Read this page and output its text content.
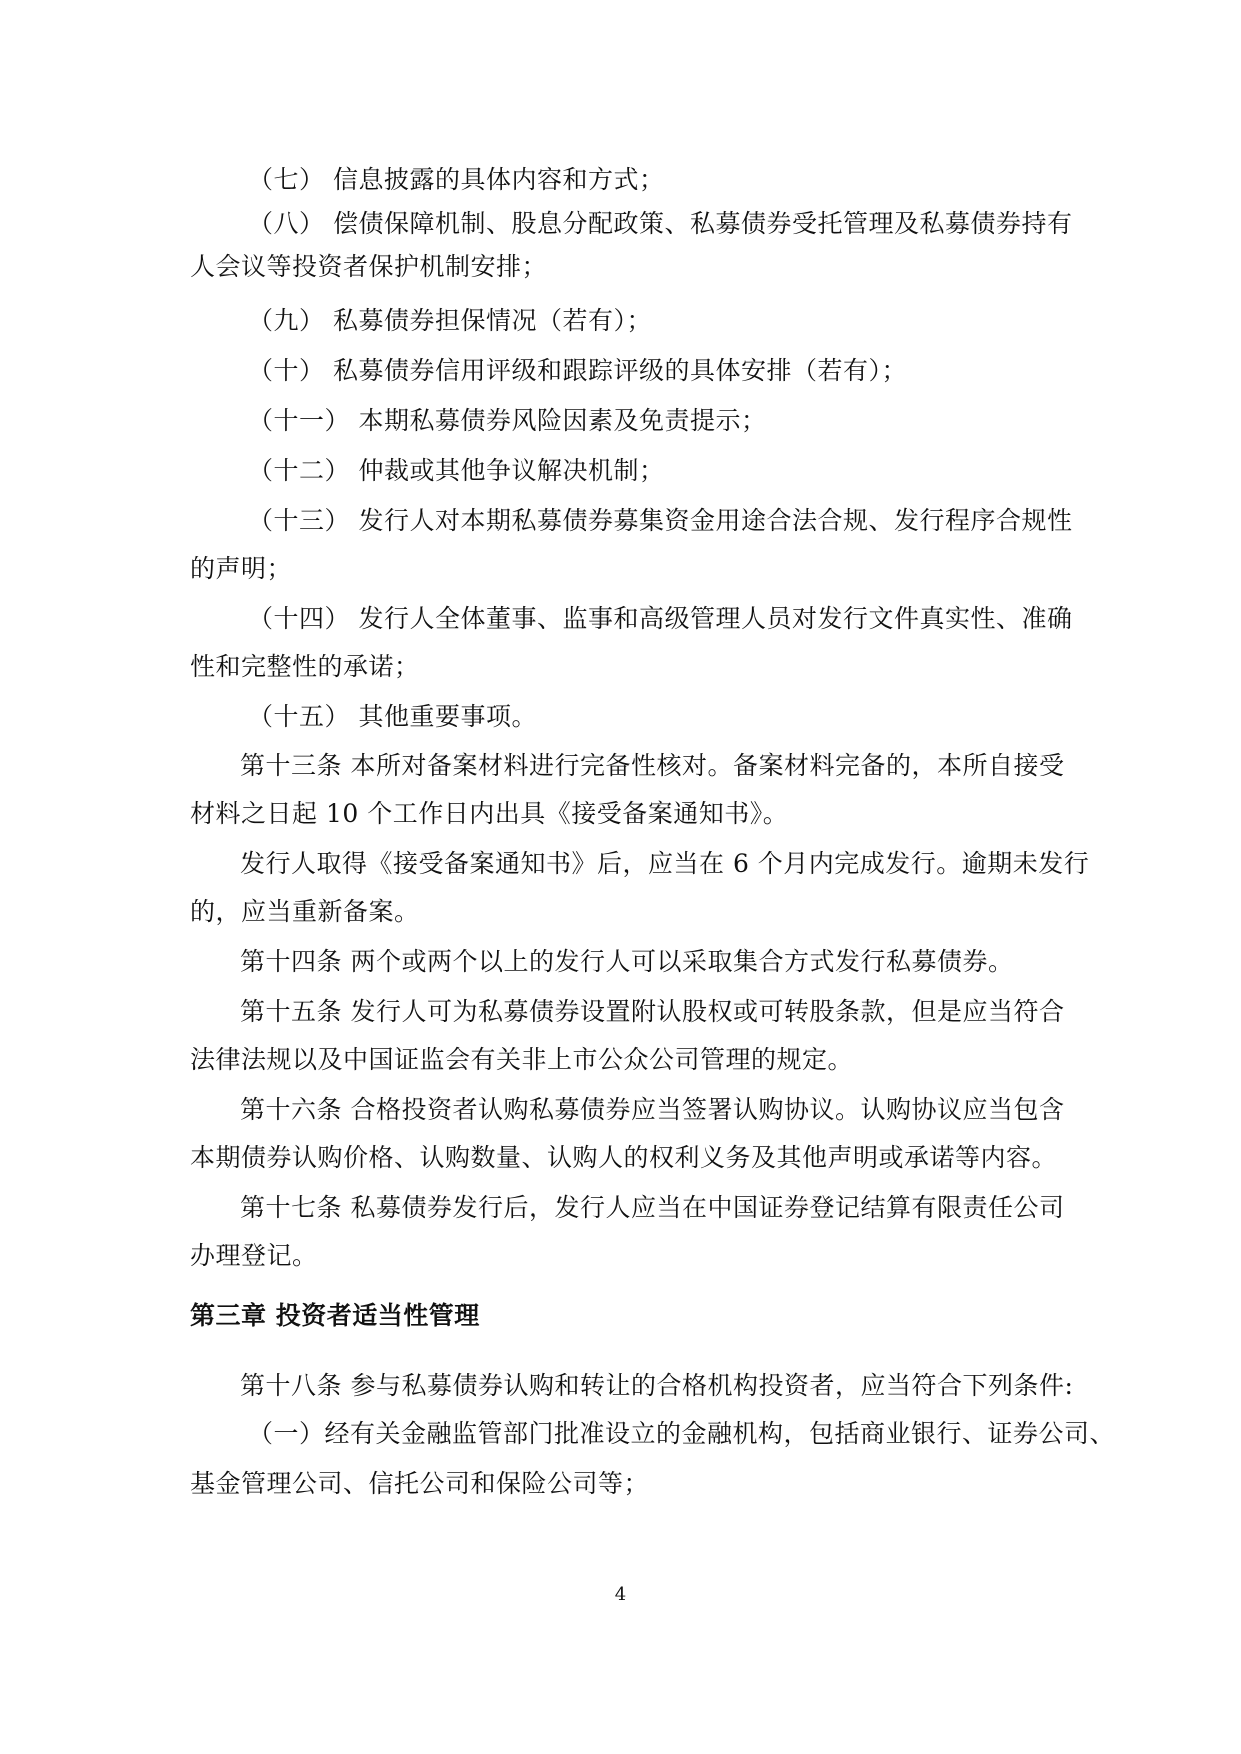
（七） 信息披露的具体内容和方式；
（八） 偿债保障机制、股息分配政策、私募债券受托管理及私募债券持有
人会议等投资者保护机制安排；
（九） 私募债券担保情况（若有）；
（十） 私募债券信用评级和跟踪评级的具体安排（若有）；
（十一） 本期私募债券风险因素及免责提示；
（十二） 仲裁或其他争议解决机制；
（十三） 发行人对本期私募债券募集资金用途合法合规、发行程序合规性
的声明；
（十四） 发行人全体董事、监事和高级管理人员对发行文件真实性、准确
性和完整性的承诺；
（十五） 其他重要事项。
第十三条 本所对备案材料进行完备性核对。备案材料完备的，本所自接受
材料之日起 10 个工作日内出具《接受备案通知书》。
发行人取得《接受备案通知书》后，应当在 6 个月内完成发行。逾期未发行
的，应当重新备案。
第十四条 两个或两个以上的发行人可以采取集合方式发行私募债券。
第十五条 发行人可为私募债券设置附认股权或可转股条款，但是应当符合
法律法规以及中国证监会有关非上市公众公司管理的规定。
第十六条 合格投资者认购私募债券应当签署认购协议。认购协议应当包含
本期债券认购价格、认购数量、认购人的权利义务及其他声明或承诺等内容。
第十七条 私募债券发行后，发行人应当在中国证券登记结算有限责任公司
办理登记。
第三章 投资者适当性管理
第十八条 参与私募债券认购和转让的合格机构投资者，应当符合下列条件:
（一）经有关金融监管部门批准设立的金融机构，包括商业银行、证券公司、
基金管理公司、信托公司和保险公司等；
4
